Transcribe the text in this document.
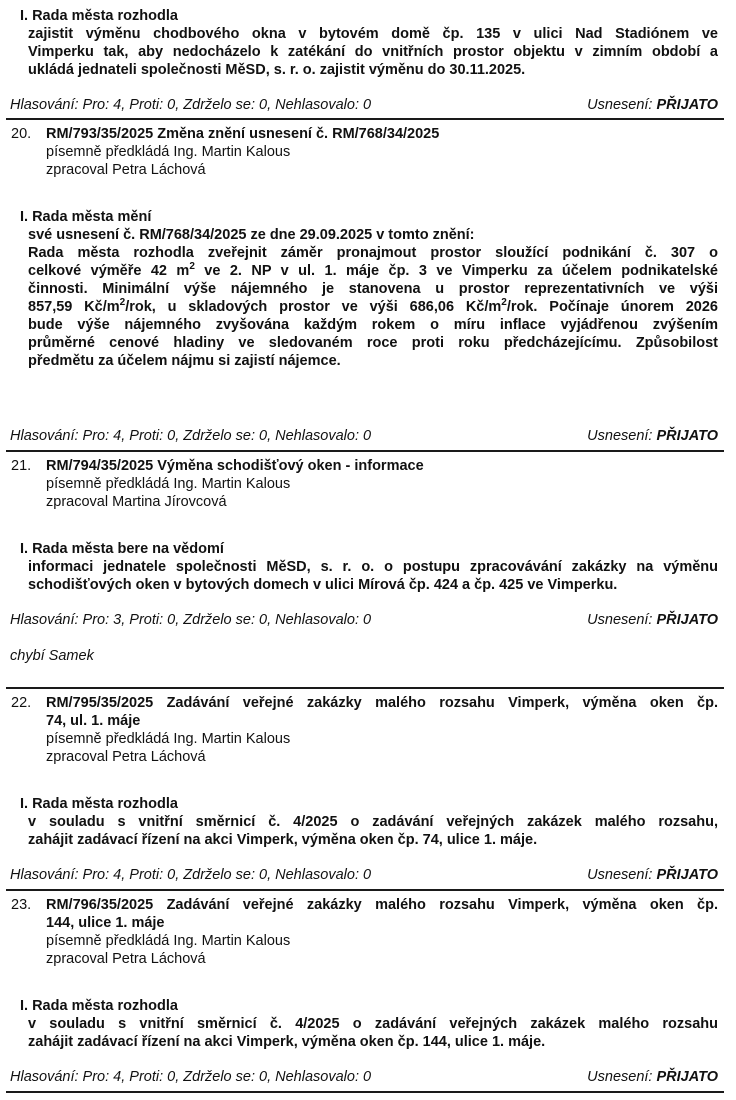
I. Rada města rozhodla
zajistit výměnu chodbového okna v bytovém domě čp. 135 v ulici Nad Stadiónem ve
Vimperku tak, aby nedocházelo k zatékání do vnitřních prostor objektu v zimním období a
ukládá jednateli společnosti MěSD, s. r. o. zajistit výměnu do 30.11.2025.
Hlasování: Pro: 4, Proti: 0, Zdrželo se: 0, Nehlasovalo: 0	Usnesení: PŘIJATO
20. RM/793/35/2025 Změna znění usnesení č. RM/768/34/2025
písemně předkládá Ing. Martin Kalous
zpracoval Petra Láchová
I. Rada města mění
své usnesení č. RM/768/34/2025 ze dne 29.09.2025 v tomto znění:
Rada města rozhodla zveřejnit záměr pronajmout prostor sloužící podnikání č. 307 o
celkové výměře 42 $m^2$ ve 2. NP v ul. 1. máje čp. 3 ve Vimperku za účelem podnikatelské
činnosti. Minimální výše nájemného je stanovena u prostor reprezentativních ve výši
857,59 $Kč/m^2$/rok, u skladových prostor ve výši 686,06 $Kč/m^2$/rok. Počínaje únorem 2026
bude výše nájemného zvyšována každým rokem o míru inflace vyjádřenou zvýšením
průměrné cenové hladiny ve sledovaném roce proti roku předcházejícímu. Způsobilost
předmětu za účelem nájmu si zajistí nájemce.
Hlasování: Pro: 4, Proti: 0, Zdrželo se: 0, Nehlasovalo: 0	Usnesení: PŘIJATO
21. RM/794/35/2025 Výměna schodišťový oken - informace
písemně předkládá Ing. Martin Kalous
zpracoval Martina Jírovcová
I. Rada města bere na vědomí
informaci jednatele společnosti MěSD, s. r. o. o postupu zpracovávání zakázky na výměnu
schodišťových oken v bytových domech v ulici Mírová čp. 424 a čp. 425 ve Vimperku.
Hlasování: Pro: 3, Proti: 0, Zdrželo se: 0, Nehlasovalo: 0	Usnesení: PŘIJATO
chybí Samek
22. RM/795/35/2025 Zadávání veřejné zakázky malého rozsahu Vimperk, výměna oken čp.
74, ul. 1. máje
písemně předkládá Ing. Martin Kalous
zpracoval Petra Láchová
I. Rada města rozhodla
v souladu s vnitřní směrnicí č. 4/2025 o zadávání veřejných zakázek malého rozsahu,
zahájit zadávací řízení na akci Vimperk, výměna oken čp. 74, ulice 1. máje.
Hlasování: Pro: 4, Proti: 0, Zdrželo se: 0, Nehlasovalo: 0	Usnesení: PŘIJATO
23. RM/796/35/2025 Zadávání veřejné zakázky malého rozsahu Vimperk, výměna oken čp.
144, ulice 1. máje
písemně předkládá Ing. Martin Kalous
zpracoval Petra Láchová
I. Rada města rozhodla
v souladu s vnitřní směrnicí č. 4/2025 o zadávání veřejných zakázek malého rozsahu
zahájit zadávací řízení na akci Vimperk, výměna oken čp. 144, ulice 1. máje.
Hlasování: Pro: 4, Proti: 0, Zdrželo se: 0, Nehlasovalo: 0	Usnesení: PŘIJATO
